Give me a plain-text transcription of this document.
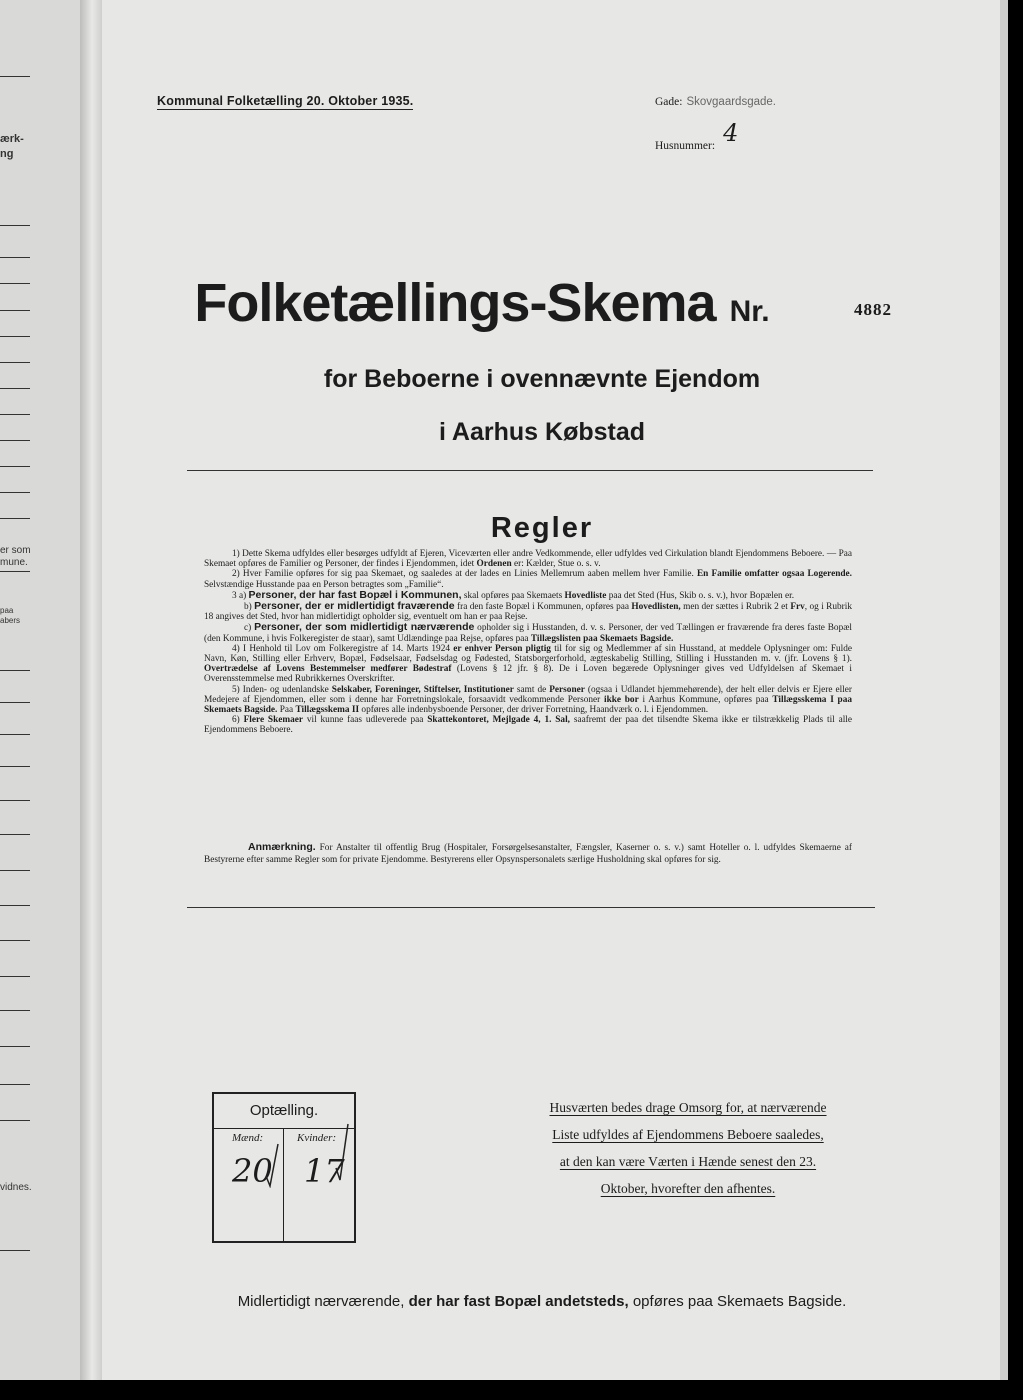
ærk-
ng
er som
mune.
paa
abers
vidnes.
Kommunal Folketælling 20. Oktober 1935.	Gade: Skovgaardsgade.
Husnummer: 4
Folketællings-Skema Nr.	4882
for Beboerne i ovennævnte Ejendom
i Aarhus Købstad
Regler

1) Dette Skema udfyldes eller besørges udfyldt af Ejeren, Viceværten eller andre Vedkommende, eller udfyldes ved Cirkulation blandt Ejendommens Beboere. — Paa Skemaet opføres de Familier og Personer, der findes i Ejendommen, idet Ordenen er: Kælder, Stue o. s. v.

2) Hver Familie opføres for sig paa Skemaet, og saaledes at der lades en Linies Mellemrum aaben mellem hver Familie. En Familie omfatter ogsaa Logerende. Selvstændige Husstande paa en Person betragtes som „Familie“.

3 a) Personer, der har fast Bopæl i Kommunen, skal opføres paa Skemaets Hovedliste paa det Sted (Hus, Skib o. s. v.), hvor Bopælen er.

b) Personer, der er midlertidigt fraværende fra den faste Bopæl i Kommunen, opføres paa Hovedlisten, men der sættes i Rubrik 2 et Frv, og i Rubrik 18 angives det Sted, hvor han midlertidigt opholder sig, eventuelt om han er paa Rejse.

c) Personer, der som midlertidigt nærværende opholder sig i Husstanden, d. v. s. Personer, der ved Tællingen er fraværende fra deres faste Bopæl (den Kommune, i hvis Folkeregister de staar), samt Udlændinge paa Rejse, opføres paa Tillægslisten paa Skemaets Bagside.

4) I Henhold til Lov om Folkeregistre af 14. Marts 1924 er enhver Person pligtig til for sig og Medlemmer af sin Husstand, at meddele Oplysninger om: Fulde Navn, Køn, Stilling eller Erhverv, Bopæl, Fødselsaar, Fødselsdag og Fødested, Statsborgerforhold, ægteskabelig Stilling, Stilling i Husstanden m. v. (jfr. Lovens § 1). Overtrædelse af Lovens Bestemmelser medfører Bødestraf (Lovens § 12 jfr. § 8). De i Loven begærede Oplysninger gives ved Udfyldelsen af Skemaet i Overensstemmelse med Rubrikkernes Overskrifter.

5) Inden- og udenlandske Selskaber, Foreninger, Stiftelser, Institutioner samt de Personer (ogsaa i Udlandet hjemmehørende), der helt eller delvis er Ejere eller Medejere af Ejendommen, eller som i denne har Forretningslokale, forsaavidt vedkommende Personer ikke bor i Aarhus Kommune, opføres paa Tillægsskema I paa Skemaets Bagside. Paa Tillægsskema II opføres alle indenbysboende Personer, der driver Forretning, Haandværk o. l. i Ejendommen.

6) Flere Skemaer vil kunne faas udleverede paa Skattekontoret, Mejlgade 4, 1. Sal, saafremt der paa det tilsendte Skema ikke er tilstrækkelig Plads til alle Ejendommens Beboere.

Anmærkning. For Anstalter til offentlig Brug (Hospitaler, Forsørgelsesanstalter, Fængsler, Kaserner o. s. v.) samt Hoteller o. l. udfyldes Skemaerne af Bestyrerne efter samme Regler som for private Ejendomme. Bestyrerens eller Opsynspersonalets særlige Husholdning skal opføres for sig.
Optælling.
Mænd:	Kvinder:
20 17
Husværten bedes drage Omsorg for, at nærværende
Liste udfyldes af Ejendommens Beboere saaledes,
at den kan være Værten i Hænde senest den 23.
Oktober, hvorefter den afhentes.
Midlertidigt nærværende, der har fast Bopæl andetsteds, opføres paa Skemaets Bagside.
